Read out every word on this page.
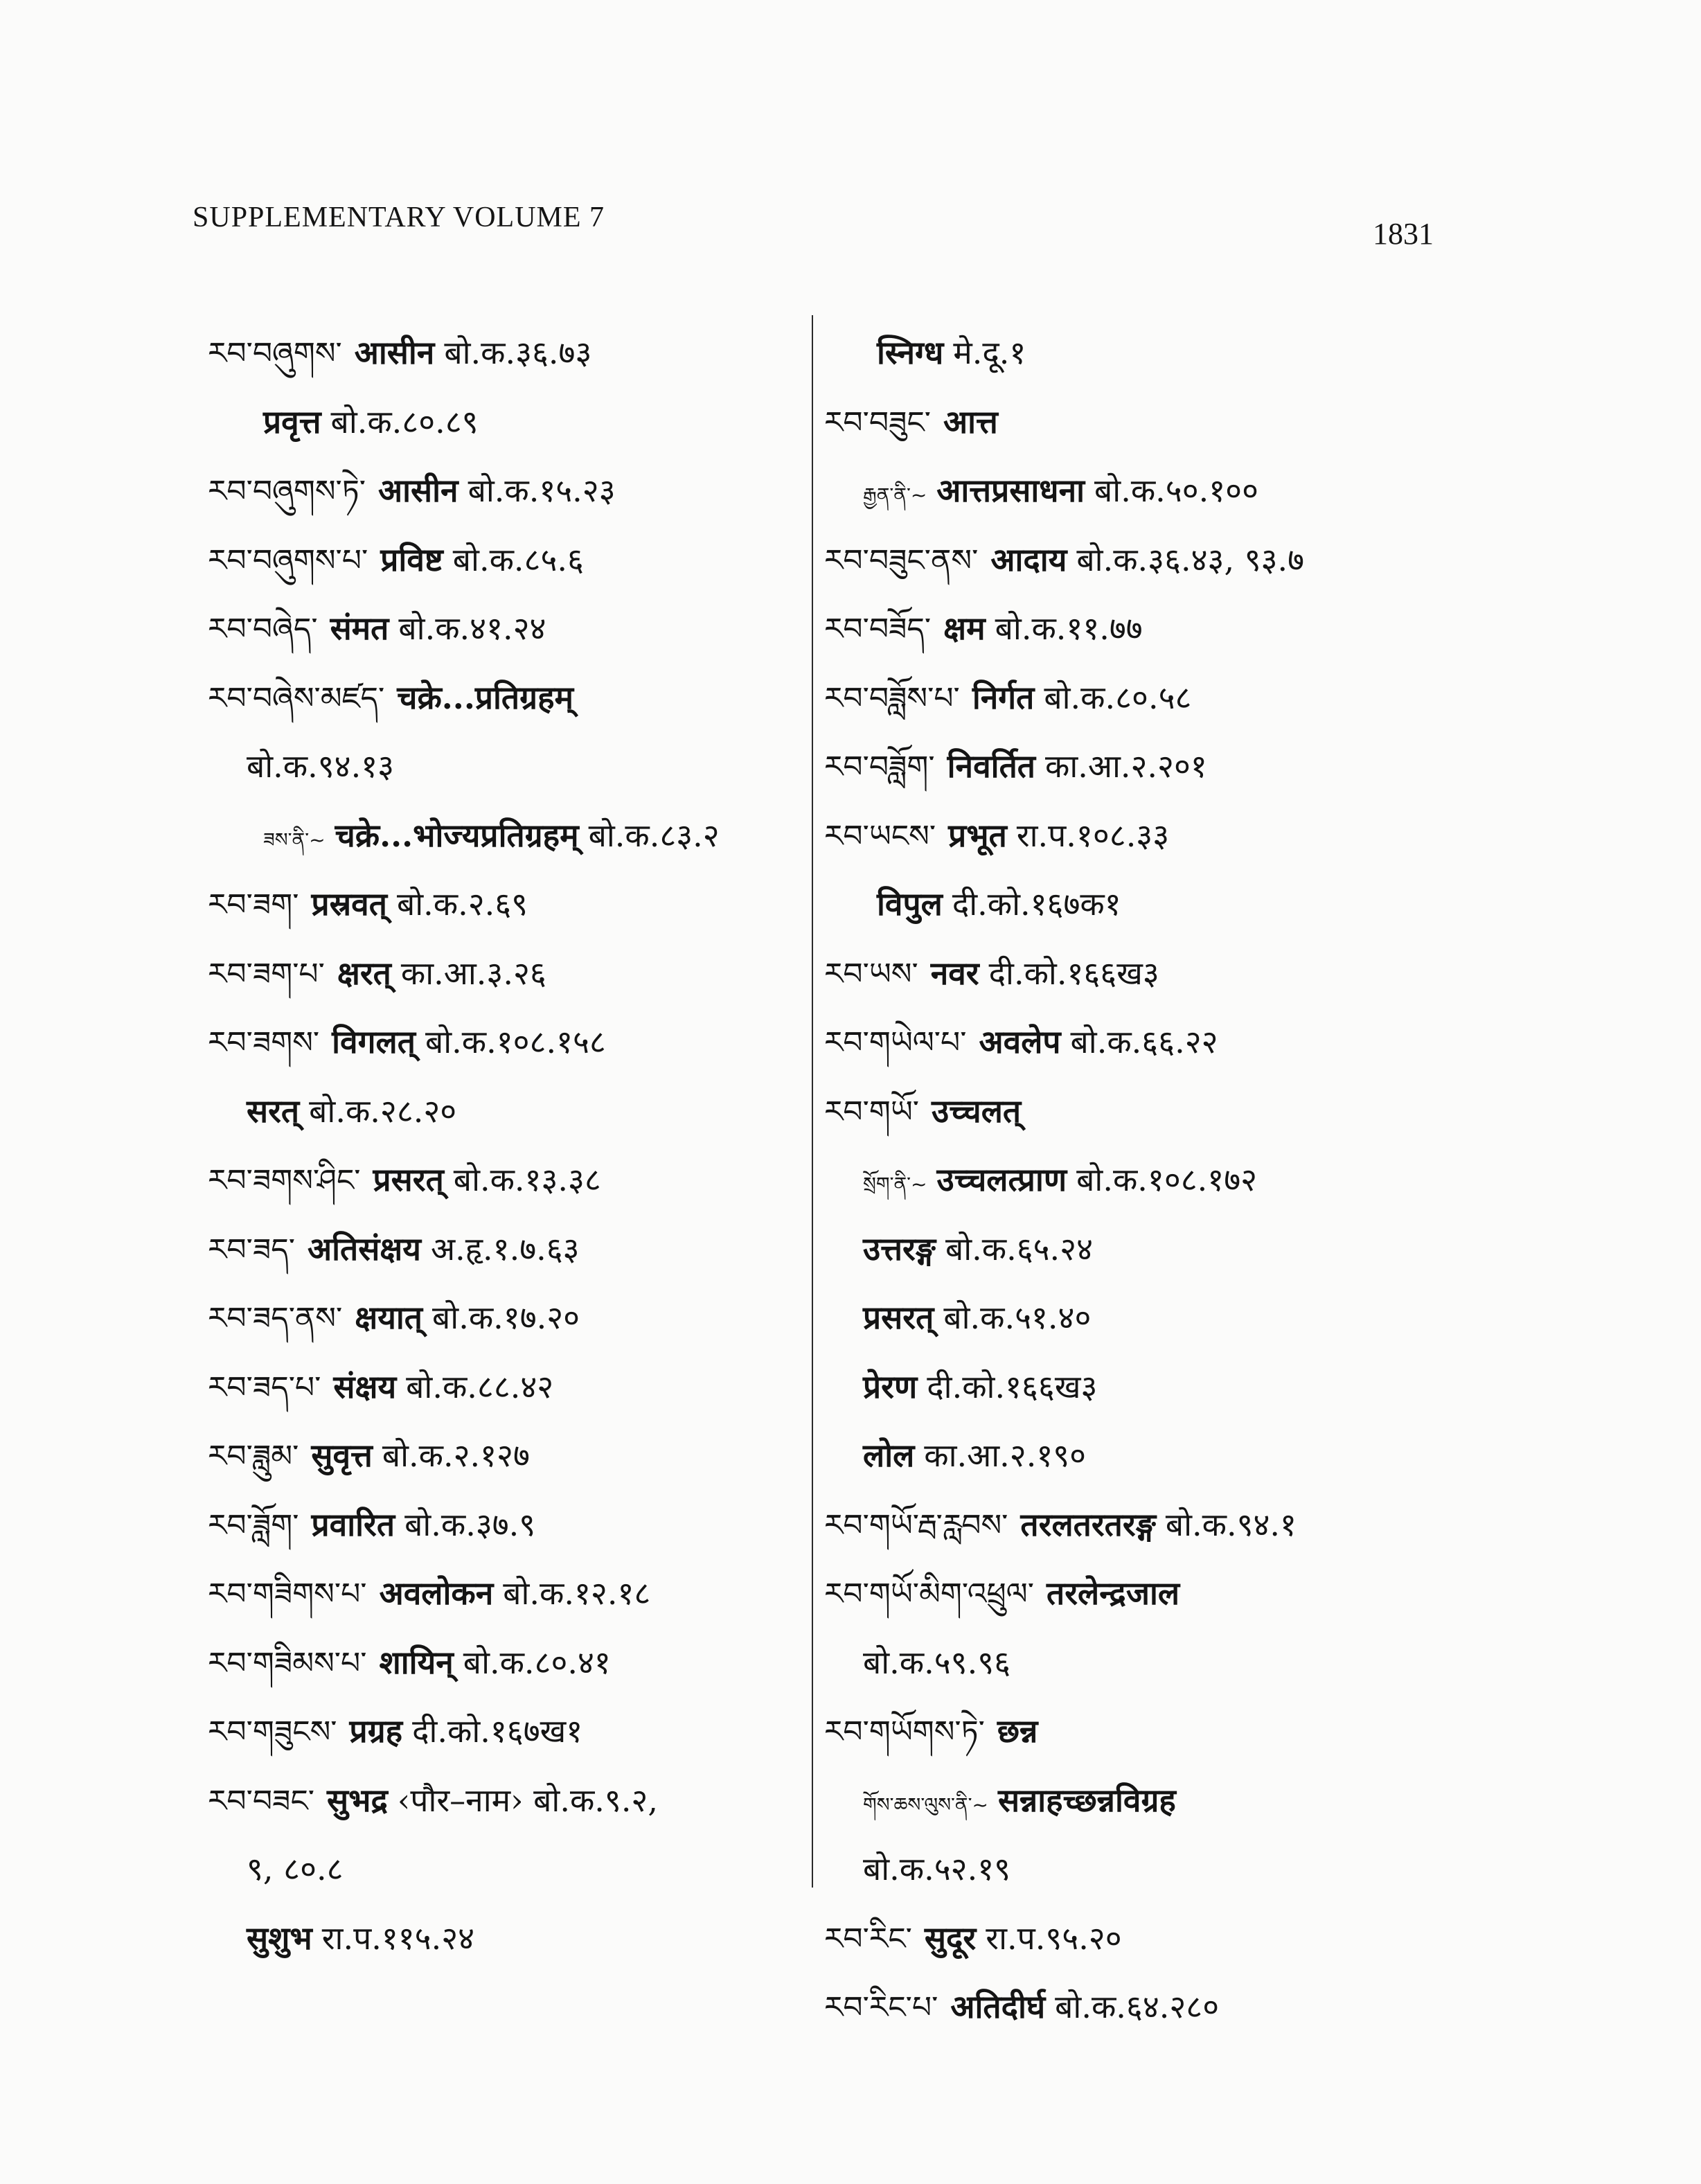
SUPPLEMENTARY VOLUME 7	1831
རབ་བཞུགས་ आसीन बो.क.३६.७३
प्रवृत्त बो.क.८०.८९
རབ་བཞུགས་ཏེ་ आसीन बो.क.१५.२३
རབ་བཞུགས་པ་ प्रविष्ट बो.क.८५.६
རབ་བཞེད་ संमत बो.क.४१.२४
རབ་བཞེས་མཛད་ चक्रे...प्रतिग्रहम्
बो.क.९४.१३
ཟས་ནི་~ चक्रे...भोज्यप्रतिग्रहम् बो.क.८३.२
རབ་ཟག་ प्रस्रवत् बो.क.२.६९
རབ་ཟག་པ་ क्षरत् का.आ.३.२६
རབ་ཟགས་ विगलत् बो.क.१०८.१५८
सरत् बो.क.२८.२०
རབ་ཟགས་ཤིང་ प्रसरत् बो.क.१३.३८
རབ་ཟད་ अतिसंक्षय अ.हृ.१.७.६३
རབ་ཟད་ནས་ क्षयात् बो.क.१७.२०
རབ་ཟད་པ་ संक्षय बो.क.८८.४२
རབ་ཟླུམ་ सुवृत्त बो.क.२.१२७
རབ་ཟློག་ प्रवारित बो.क.३७.९
རབ་གཟིགས་པ་ अवलोकन बो.क.१२.१८
རབ་གཟིམས་པ་ शायिन् बो.क.८०.४१
རབ་གཟུངས་ प्रग्रह दी.को.१६७ख१
རབ་བཟང་ सुभद्र ‹पौर–नाम› बो.क.९.२,
९, ८०.८
सुशुभ रा.प.११५.२४
स्निग्ध मे.दू.१
རབ་བཟུང་ आत्त
རྒྱན་ནི་~ आत्तप्रसाधना बो.क.५०.१००
རབ་བཟུང་ནས་ आदाय बो.क.३६.४३, ९३.७
རབ་བཟོད་ क्षम बो.क.११.७७
རབ་བཟློས་པ་ निर्गत बो.क.८०.५८
རབ་བཟློག་ निवर्तित का.आ.२.२०१
རབ་ཡངས་ प्रभूत रा.प.१०८.३३
विपुल दी.को.१६७क१
རབ་ཡས་ नवर दी.को.१६६ख३
རབ་གཡེལ་པ་ अवलेप बो.क.६६.२२
རབ་གཡོ་ उच्चलत्
སྲོག་ནི་~ उच्चलत्प्राण बो.क.१०८.१७२
उत्तरङ्ग बो.क.६५.२४
प्रसरत् बो.क.५१.४०
प्रेरण दी.को.१६६ख३
लोल का.आ.२.१९०
རབ་གཡོ་རྦ་རླབས་ तरलतरतरङ्ग बो.क.९४.१
རབ་གཡོ་མིག་འཕྲུལ་ तरलेन्द्रजाल
बो.क.५९.९६
རབ་གཡོགས་ཏེ་ छन्न
གོས་ཆས་ལུས་ནི་~ सन्नाहच्छन्नविग्रह
बो.क.५२.१९
རབ་རིང་ सुदूर रा.प.९५.२०
རབ་རིང་པ་ अतिदीर्घ बो.क.६४.२८०
